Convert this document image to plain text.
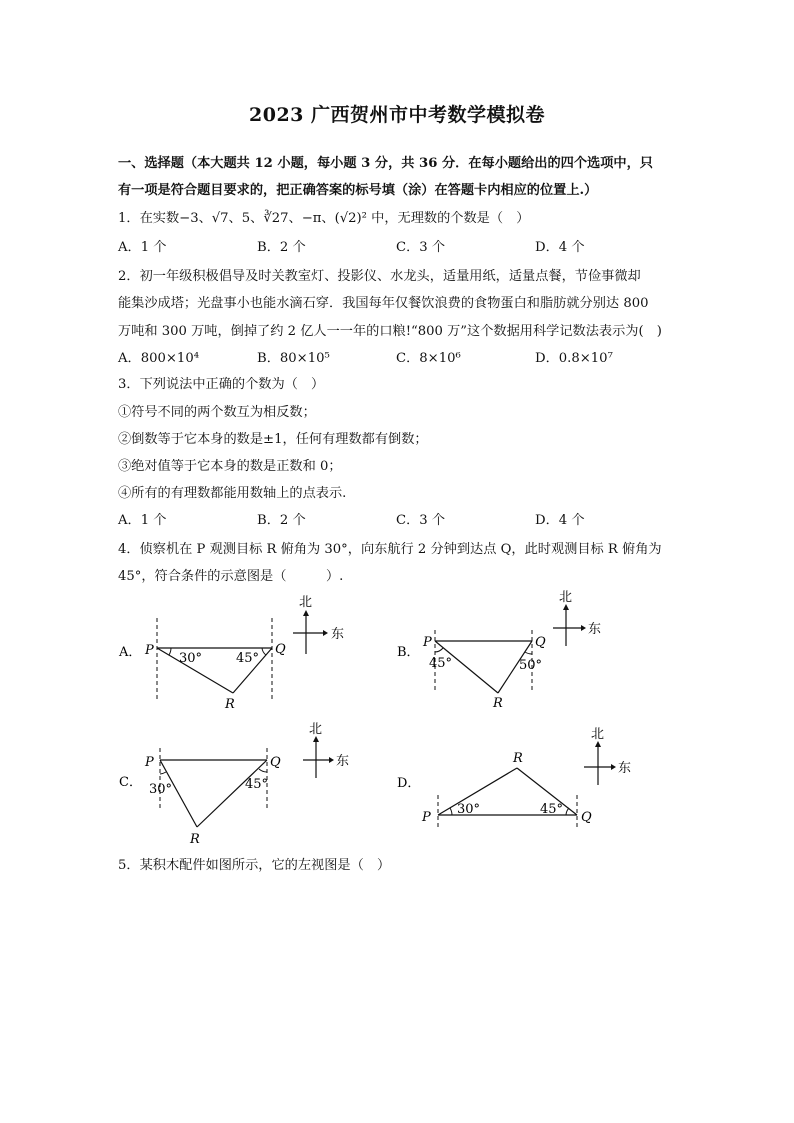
2023 广西贺州市中考数学模拟卷
一、选择题（本大题共 12 小题，每小题 3 分，共 36 分．在每小题给出的四个选项中，只
有一项是符合题目要求的，把正确答案的标号填（涂）在答题卡内相应的位置上.）
1．在实数−3、√7、5、∛27、−π、(√2)² 中，无理数的个数是（　）
A．1 个	B．2 个	C．3 个	D．4 个
2．初一年级积极倡导及时关教室灯、投影仪、水龙头，适量用纸，适量点餐，节俭事微却
能集沙成塔；光盘事小也能水滴石穿．我国每年仅餐饮浪费的食物蛋白和脂肪就分别达 800
万吨和 300 万吨，倒掉了约 2 亿人一一年的口粮!“800 万”这个数据用科学记数法表示为(　)
A．800×10⁴	B．80×10⁵	C．8×10⁶	D．0.8×10⁷
3．下列说法中正确的个数为（　）
①符号不同的两个数互为相反数；
②倒数等于它本身的数是±1，任何有理数都有倒数；
③绝对值等于它本身的数是正数和 0；
④所有的有理数都能用数轴上的点表示.
A．1 个	B．2 个	C．3 个	D．4 个
4．侦察机在 P 观测目标 R 俯角为 30°，向东航行 2 分钟到达点 Q，此时观测目标 R 俯角为
45°，符合条件的示意图是（　　　）.
A． P	Q
R
30°	45°
北
东
B．
P	Q
R
45°	50°
北
东
C．
P	Q
R
30°	45°
北
东
D．
P	Q
R
30°	45°
北
东
5．某积木配件如图所示，它的左视图是（　）
